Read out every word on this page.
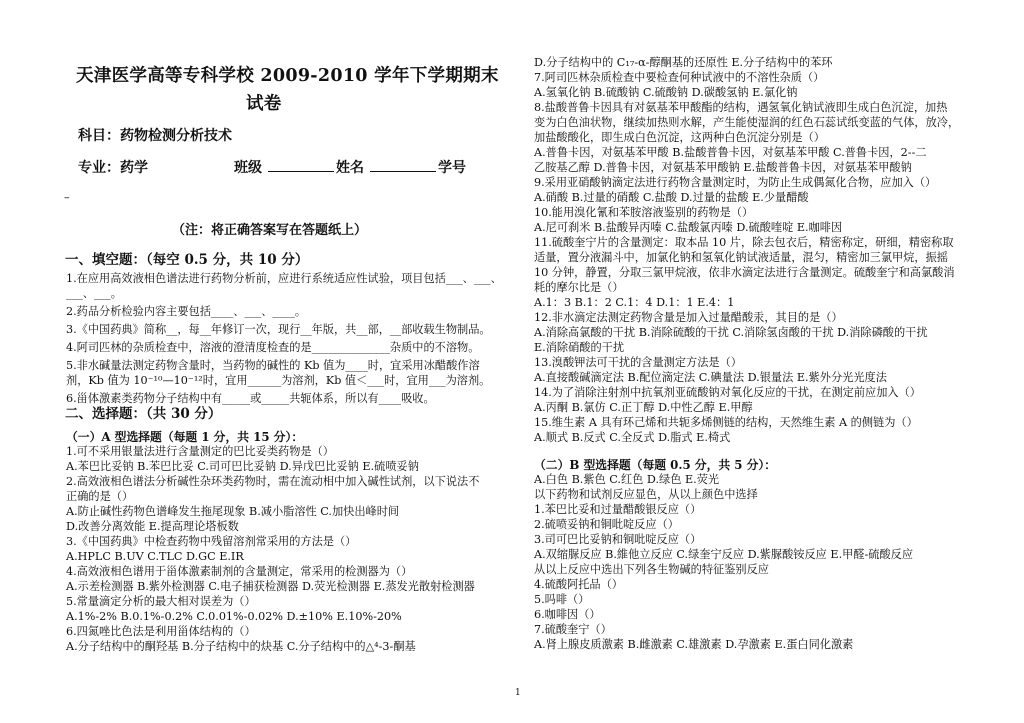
天津医学高等专科学校 2009-2010 学年下学期期末
试卷
科目：药物检测分析技术
专业：药学	班级	姓名	学号
–
（注：将正确答案写在答题纸上）
一、填空题：（每空 0.5 分，共 10 分）
1.在应用高效液相色谱法进行药物分析前，应进行系统适应性试验，项目包括___、___、
___、___。
2.药品分析检验内容主要包括____、___、____。
3.《中国药典》简称__，每__年修订一次，现行__年版，共__部，__部收载生物制品。
4.阿司匹林的杂质检查中，溶液的澄清度检查的是______________杂质中的不溶物。
5.非水碱量法测定药物含量时，当药物的碱性的 Kb 值为____时，宜采用冰醋酸作溶
剂，Kb 值为 10⁻¹⁰—10⁻¹²时，宜用______为溶剂，Kb 值＜___时，宜用___为溶剂。
6.甾体激素类药物分子结构中有_____或_____共轭体系，所以有____吸收。
二、选择题：（共 30 分）
（一）A 型选择题（每题 1 分，共 15 分）：
1.可不采用银量法进行含量测定的巴比妥类药物是（）
A.苯巴比妥钠 B.苯巴比妥 C.司可巴比妥钠 D.异戊巴比妥钠 E.硫喷妥钠
2.高效液相色谱法分析碱性杂环类药物时，需在流动相中加入碱性试剂，以下说法不
正确的是（）
A.防止碱性药物色谱峰发生拖尾现象 B.减小脂溶性 C.加快出峰时间
D.改善分离效能 E.提高理论塔板数
3.《中国药典》中检查药物中残留溶剂常采用的方法是（）
A.HPLC B.UV C.TLC D.GC E.IR
4.高效液相色谱用于甾体激素制剂的含量测定，常采用的检测器为（）
A.示差检测器 B.紫外检测器 C.电子捕获检测器 D.荧光检测器 E.蒸发光散射检测器
5.常量滴定分析的最大相对误差为（）
A.1%-2% B.0.1%-0.2% C.0.01%-0.02% D.±10% E.10%-20%
6.四氮唑比色法是利用甾体结构的（）
A.分子结构中的酮羟基 B.分子结构中的炔基 C.分子结构中的△⁴-3-酮基
D.分子结构中的 C₁₇-α-醇酮基的还原性 E.分子结构中的苯环
7.阿司匹林杂质检查中要检查何种试液中的不溶性杂质（）
A.氢氧化钠 B.硫酸钠 C.硫酸钠 D.碳酸氢钠 E.氯化钠
8.盐酸普鲁卡因具有对氨基苯甲酸酯的结构，遇氢氧化钠试液即生成白色沉淀，加热
变为白色油状物，继续加热则水解，产生能使湿润的红色石蕊试纸变蓝的气体，放冷，
加盐酸酸化，即生成白色沉淀，这两种白色沉淀分别是（）
A.普鲁卡因，对氨基苯甲酸 B.盐酸普鲁卡因，对氨基苯甲酸 C.普鲁卡因，2--二
乙胺基乙醇 D.普鲁卡因，对氨基苯甲酸钠 E.盐酸普鲁卡因，对氨基苯甲酸钠
9.采用亚硝酸钠滴定法进行药物含量测定时，为防止生成偶氮化合物，应加入（）
A.硝酸 B.过量的硝酸 C.盐酸 D.过量的盐酸 E.少量醋酸
10.能用溴化氰和苯胺溶液鉴别的药物是（）
A.尼可刹米 B.盐酸异丙嗪 C.盐酸氯丙嗪 D.硫酸喹啶 E.咖啡因
11.硫酸奎宁片的含量测定：取本品 10 片，除去包衣后，精密称定，研细，精密称取
适量，置分液漏斗中，加氯化钠和氢氧化钠试液适量，混匀，精密加三氯甲烷，振摇
10 分钟，静置，分取三氯甲烷液，依非水滴定法进行含量测定。硫酸奎宁和高氯酸消
耗的摩尔比是（）
A.1：3 B.1：2 C.1：4 D.1：1 E.4：1
12.非水滴定法测定药物含量是加入过量醋酸汞，其目的是（）
A.消除高氯酸的干扰 B.消除硫酸的干扰 C.消除氢卤酸的干扰 D.消除磷酸的干扰
E.消除硝酸的干扰
13.溴酸钾法可干扰的含量测定方法是（）
A.直接酸碱滴定法 B.配位滴定法 C.碘量法 D.银量法 E.紫外分光光度法
14.为了消除注射剂中抗氧剂亚硫酸钠对氧化反应的干扰，在测定前应加入（）
A.丙酮 B.氯仿 C.正丁醇 D.中性乙醇 E.甲醇
15.维生素 A 具有环己烯和共轭多烯侧链的结构，天然维生素 A 的侧链为（）
A.顺式 B.反式 C.全反式 D.脂式 E.椅式
（二）B 型选择题（每题 0.5 分，共 5 分）：
A.白色 B.紫色 C.红色 D.绿色 E.荧光
以下药物和试剂反应显色，从以上颜色中选择
1.苯巴比妥和过量醋酸银反应（）
2.硫喷妥钠和铜吡啶反应（）
3.司可巴比妥钠和铜吡啶反应（）
A.双缩脲反应 B.維他立反应 C.绿奎宁反应 D.紫脲酸铵反应 E.甲醛-硫酸反应
从以上反应中选出下列各生物碱的特征鉴别反应
4.硫酸阿托品（）
5.吗啡（）
6.咖啡因（）
7.硫酸奎宁（）
A.肾上腺皮质激素 B.雌激素 C.雄激素 D.孕激素 E.蛋白同化激素
1
